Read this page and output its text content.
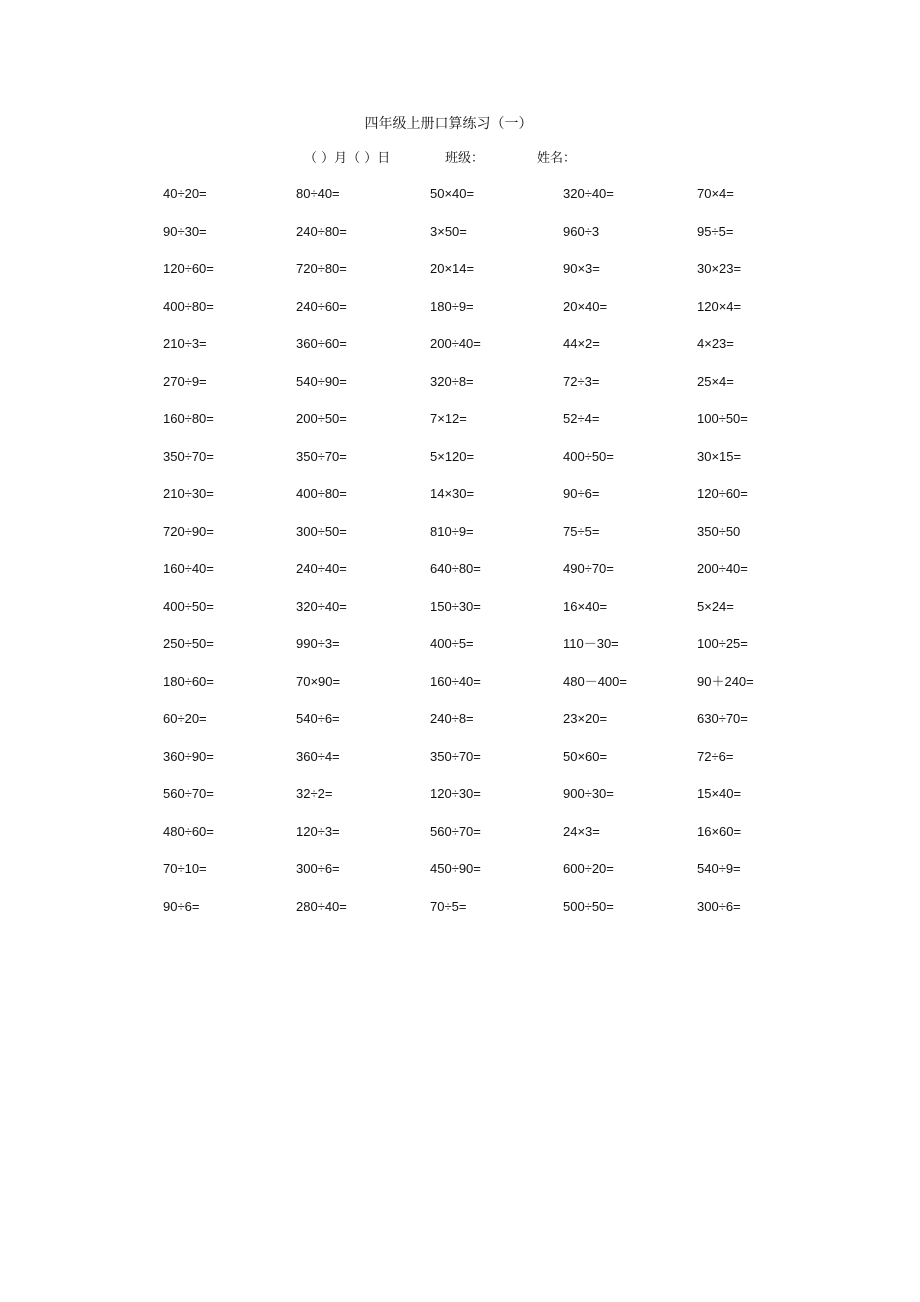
四年级上册口算练习（一）
（ ）月（ ）日	班级：	姓名：
40÷20=	80÷40=	50×40=	320÷40=	70×4=
90÷30=	240÷80=	3×50=	960÷3	95÷5=
120÷60=	720÷80=	20×14=	90×3=	30×23=
400÷80=	240÷60=	180÷9=	20×40=	120×4=
210÷3=	360÷60=	200÷40=	44×2=	4×23=
270÷9=	540÷90=	320÷8=	72÷3=	25×4=
160÷80=	200÷50=	7×12=	52÷4=	100÷50=
350÷70=	350÷70=	5×120=	400÷50=	30×15=
210÷30=	400÷80=	14×30=	90÷6=	120÷60=
720÷90=	300÷50=	810÷9=	75÷5=	350÷50
160÷40=	240÷40=	640÷80=	490÷70=	200÷40=
400÷50=	320÷40=	150÷30=	16×40=	5×24=
250÷50=	990÷3=	400÷5=	110－30=	100÷25=
180÷60=	70×90=	160÷40=	480－400=	90＋240=
60÷20=	540÷6=	240÷8=	23×20=	630÷70=
360÷90=	360÷4=	350÷70=	50×60=	72÷6=
560÷70=	32÷2=	120÷30=	900÷30=	15×40=
480÷60=	120÷3=	560÷70=	24×3=	16×60=
70÷10=	300÷6=	450÷90=	600÷20=	540÷9=
90÷6=	280÷40=	70÷5=	500÷50=	300÷6=
